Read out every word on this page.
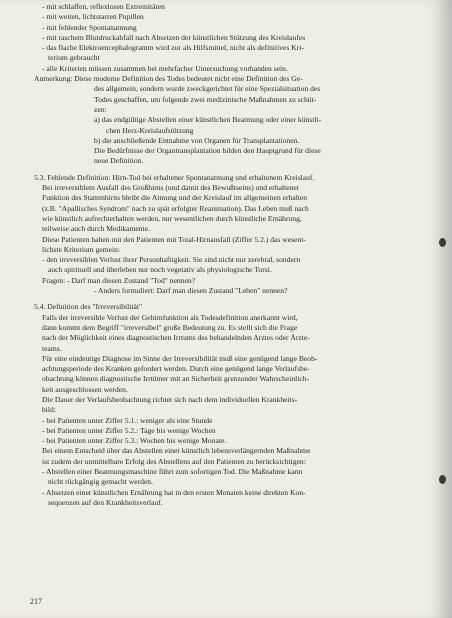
- mit schlaffen, reflexlosen Extremitäten
- mit weiten, lichtstarren Pupillen
- mit fehlender Spontanatmung
- mit raschem Blutdruckabfall nach Absetzen der künstlichen Stützung des Kreislaufes
- das flache Elektroencephalogramm wird zur als Hilfsmittel, nicht als definitives Kri-
terium gebraucht
- alle Kriterien müssen zusammen bei mehrfacher Untersuchung vorhanden sein.
Anmerkung: Diese moderne Definition des Todes bedeutet nicht eine Definition des Ge-
des allgemein, sondern wurde zweckgerichtet für eine Spezialsituation des
Todes geschaffen, um folgende zwei medizinische Maßnahmen zu schüt-
zen:
a) das endgültige Abstellen einer künstlichen Beatmung oder einer künstli-
chen Herz-Kreislaufstützung
b) die anschließende Entnahme von Organen für Transplantationen.
Die Bedürfnisse der Organtransplantation bilden den Hauptgrund für diese
neue Definition.
5.3. Fehlende Definition: Hirn-Tod bei erhaltener Spontanatmung und erhaltenem Kreislauf.
Bei irreversiblem Ausfall des Großhirns (und damit des Bewußtseins) und erhaltener
Funktion des Stammhirns bleibt die Atmung und der Kreislauf im allgemeinen erhalten
(z.B. "Apallisches Syndrom" nach zu spät erfolgter Reanimation). Das Leben muß nach
wie künstlich aufrechterhalten werden, nur wesentlichen durch künstliche Ernährung,
teilweise auch durch Medikamente.
Diese Patienten haben mit den Patienten mit Total-Hirnausfall (Ziffer 5.2.) das wesent-
lichste Kriterium gemein:
- den irreversiblen Verlust ihrer Personhaftigkeit. Sie sind nicht nur zerebral, sondern
auch spirituell und überleben nur noch vegetativ als physiologische Torsi.
Fragen: - Darf man diesen Zustand "Tod" nennen?
- Anders formuliert: Darf man diesen Zustand "Leben" nennen?
5.4. Definition des "Irreversibilität"
Falls der irreversible Verlust der Gehirnfunktion als Todesdefinition anerkannt wird,
dann kommt dem Begriff "irreversibel" große Bedeutung zu. Es stellt sich die Frage
nach der Möglichkeit eines diagnostischen Irrtums des behandelnden Arztes oder Ärzte-
teams.
Für eine eindeutige Diagnose im Sinne der Irreversibilität muß eine genügend lange Beob-
achtungsperiode des Kranken gefordert werden. Durch eine genügend lange Verlaufsbe-
obachtung können diagnostische Irrtümer mit an Sicherheit grenzender Wahrscheinlich-
keit ausgeschlossen werden.
Die Dauer der Verlaufsbeobachtung richtet sich nach dem individuellen Krankheits-
bild:
- bei Patienten unter Ziffer 5.1.: weniger als eine Stunde
- bei Patienten unter Ziffer 5.2.: Tage bis wenige Wochen
- bei Patienten unter Ziffer 5.3.: Wochen bis wenige Monate.
Bei einem Entscheid über das Abstellen einer künstlich lebensverlängernden Maßnahme
ist zudem der unmittelbare Erfolg des Abstellens auf den Patienten zu berücksichtigen:
- Abstellen einer Beatmungsmaschine führt zum sofortigen Tod. Die Maßnahme kann
nicht rückgängig gemacht werden.
- Absetzen einer künstlichen Ernährung hat in den ersten Monaten keine direkten Kon-
sequenzen auf den Krankheitsverlauf.
217
